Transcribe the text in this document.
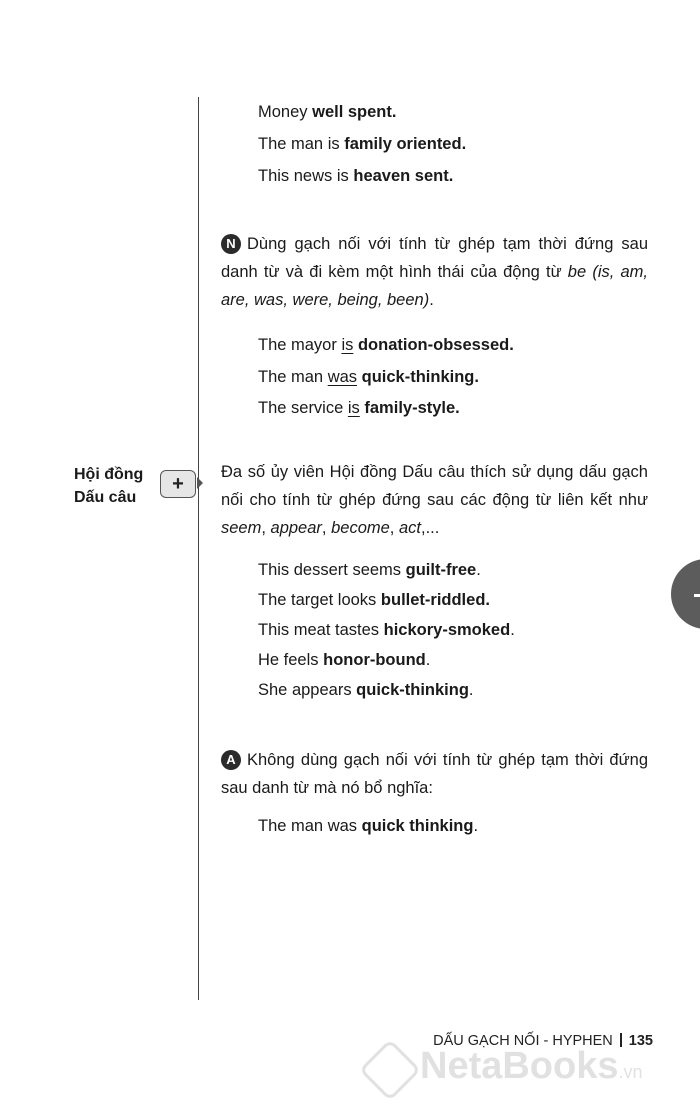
Money well spent.
The man is family oriented.
This news is heaven sent.
N Dùng gạch nối với tính từ ghép tạm thời đứng sau danh từ và đi kèm một hình thái của động từ be (is, am, are, was, were, being, been).
The mayor is donation-obsessed.
The man was quick-thinking.
The service is family-style.
Hội đồng
Dấu câu
+
Đa số ủy viên Hội đồng Dấu câu thích sử dụng dấu gạch nối cho tính từ ghép đứng sau các động từ liên kết như seem, appear, become, act,...
This dessert seems guilt-free.
The target looks bullet-riddled.
This meat tastes hickory-smoked.
He feels honor-bound.
She appears quick-thinking.
A Không dùng gạch nối với tính từ ghép tạm thời đứng sau danh từ mà nó bổ nghĩa:
The man was quick thinking.
DẤU GẠCH NỐI - HYPHEN 135
NetaBooks.vn
